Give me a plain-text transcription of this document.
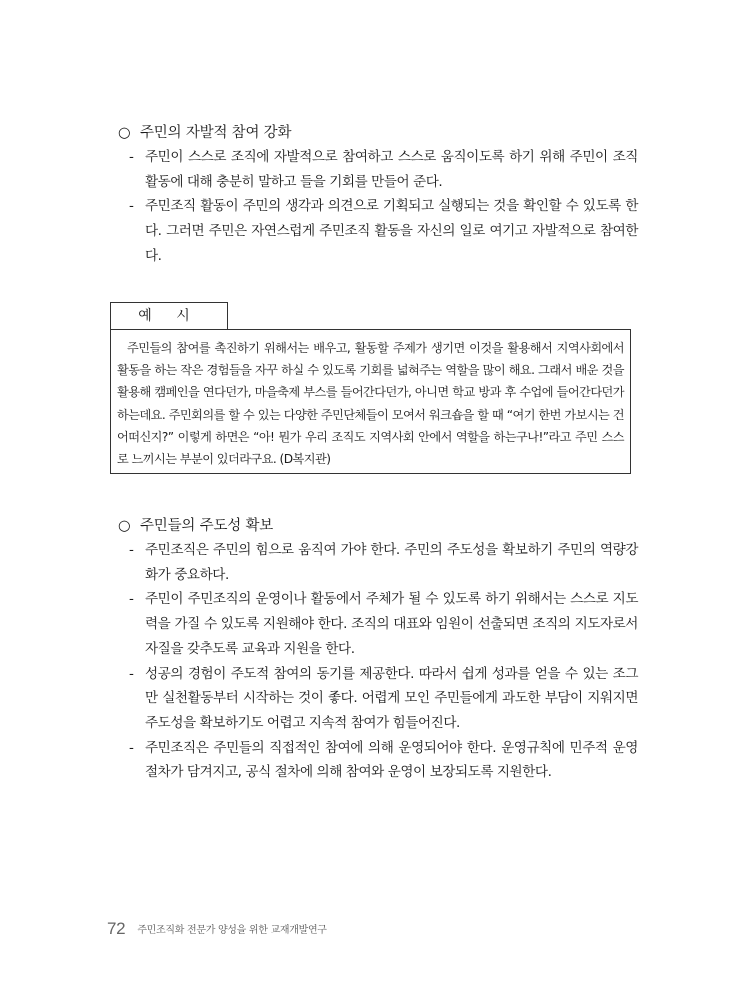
○ 주민의 자발적 참여 강화
- 주민이 스스로 조직에 자발적으로 참여하고 스스로 움직이도록 하기 위해 주민이 조직활동에 대해 충분히 말하고 들을 기회를 만들어 준다.
- 주민조직 활동이 주민의 생각과 의견으로 기획되고 실행되는 것을 확인할 수 있도록 한다. 그러면 주민은 자연스럽게 주민조직 활동을 자신의 일로 여기고 자발적으로 참여한다.
예 시
주민들의 참여를 촉진하기 위해서는 배우고, 활동할 주제가 생기면 이것을 활용해서 지역사회에서 활동을 하는 작은 경험들을 자꾸 하실 수 있도록 기회를 넓혀주는 역할을 많이 해요. 그래서 배운 것을 활용해 캠페인을 연다던가, 마을축제 부스를 들어간다던가, 아니면 학교 방과 후 수업에 들어간다던가 하는데요. 주민회의를 할 수 있는 다양한 주민단체들이 모여서 워크숍을 할 때 “여기 한번 가보시는 건 어떠신지?” 이렇게 하면은 “아! 뭔가 우리 조직도 지역사회 안에서 역할을 하는구나!”라고 주민 스스로 느끼시는 부분이 있더라구요. (D복지관)
○ 주민들의 주도성 확보
- 주민조직은 주민의 힘으로 움직여 가야 한다. 주민의 주도성을 확보하기 주민의 역량강화가 중요하다.
- 주민이 주민조직의 운영이나 활동에서 주체가 될 수 있도록 하기 위해서는 스스로 지도력을 가질 수 있도록 지원해야 한다. 조직의 대표와 임원이 선출되면 조직의 지도자로서 자질을 갖추도록 교육과 지원을 한다.
- 성공의 경험이 주도적 참여의 동기를 제공한다. 따라서 쉽게 성과를 얻을 수 있는 조그만 실천활동부터 시작하는 것이 좋다. 어렵게 모인 주민들에게 과도한 부담이 지워지면 주도성을 확보하기도 어렵고 지속적 참여가 힘들어진다.
- 주민조직은 주민들의 직접적인 참여에 의해 운영되어야 한다. 운영규칙에 민주적 운영절차가 담겨지고, 공식 절차에 의해 참여와 운영이 보장되도록 지원한다.
72 주민조직화 전문가 양성을 위한 교재개발연구
